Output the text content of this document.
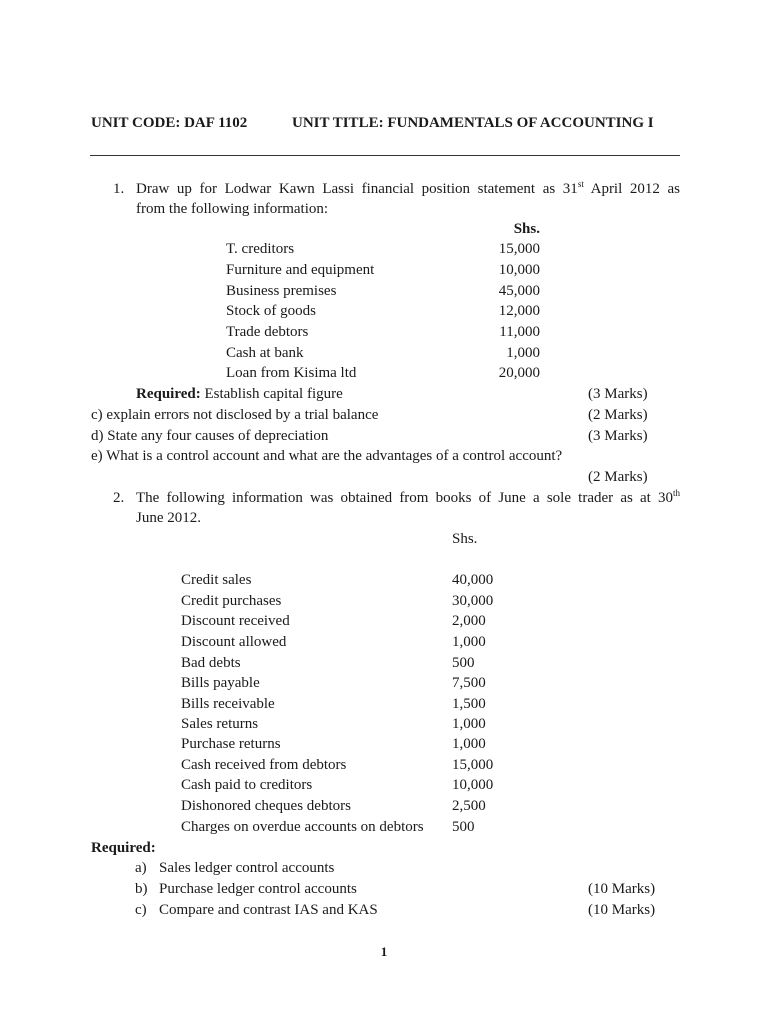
UNIT CODE: DAF 1102	UNIT TITLE: FUNDAMENTALS OF ACCOUNTING I
1. Draw up for Lodwar Kawn Lassi financial position statement as 31st April 2012 as
from the following information:
Shs.
T. creditors	15,000
Furniture and equipment	10,000
Business premises	45,000
Stock of goods	12,000
Trade debtors	11,000
Cash at bank	1,000
Loan from Kisima ltd	20,000
Required: Establish capital figure	(3 Marks)
c) explain errors not disclosed by a trial balance	(2 Marks)
d) State any four causes of depreciation	(3 Marks)
e) What is a control account and what are the advantages of a control account?
(2 Marks)
2. The following information was obtained from books of June a sole trader as at 30th
June 2012.
Shs.
Credit sales	40,000
Credit purchases	30,000
Discount received	2,000
Discount allowed	1,000
Bad debts	500
Bills payable	7,500
Bills receivable	1,500
Sales returns	1,000
Purchase returns	1,000
Cash received from debtors	15,000
Cash paid to creditors	10,000
Dishonored cheques debtors	2,500
Charges on overdue accounts on debtors 500
Required:
a) Sales ledger control accounts
b) Purchase ledger control accounts	(10 Marks)
c) Compare and contrast IAS and KAS	(10 Marks)
1
